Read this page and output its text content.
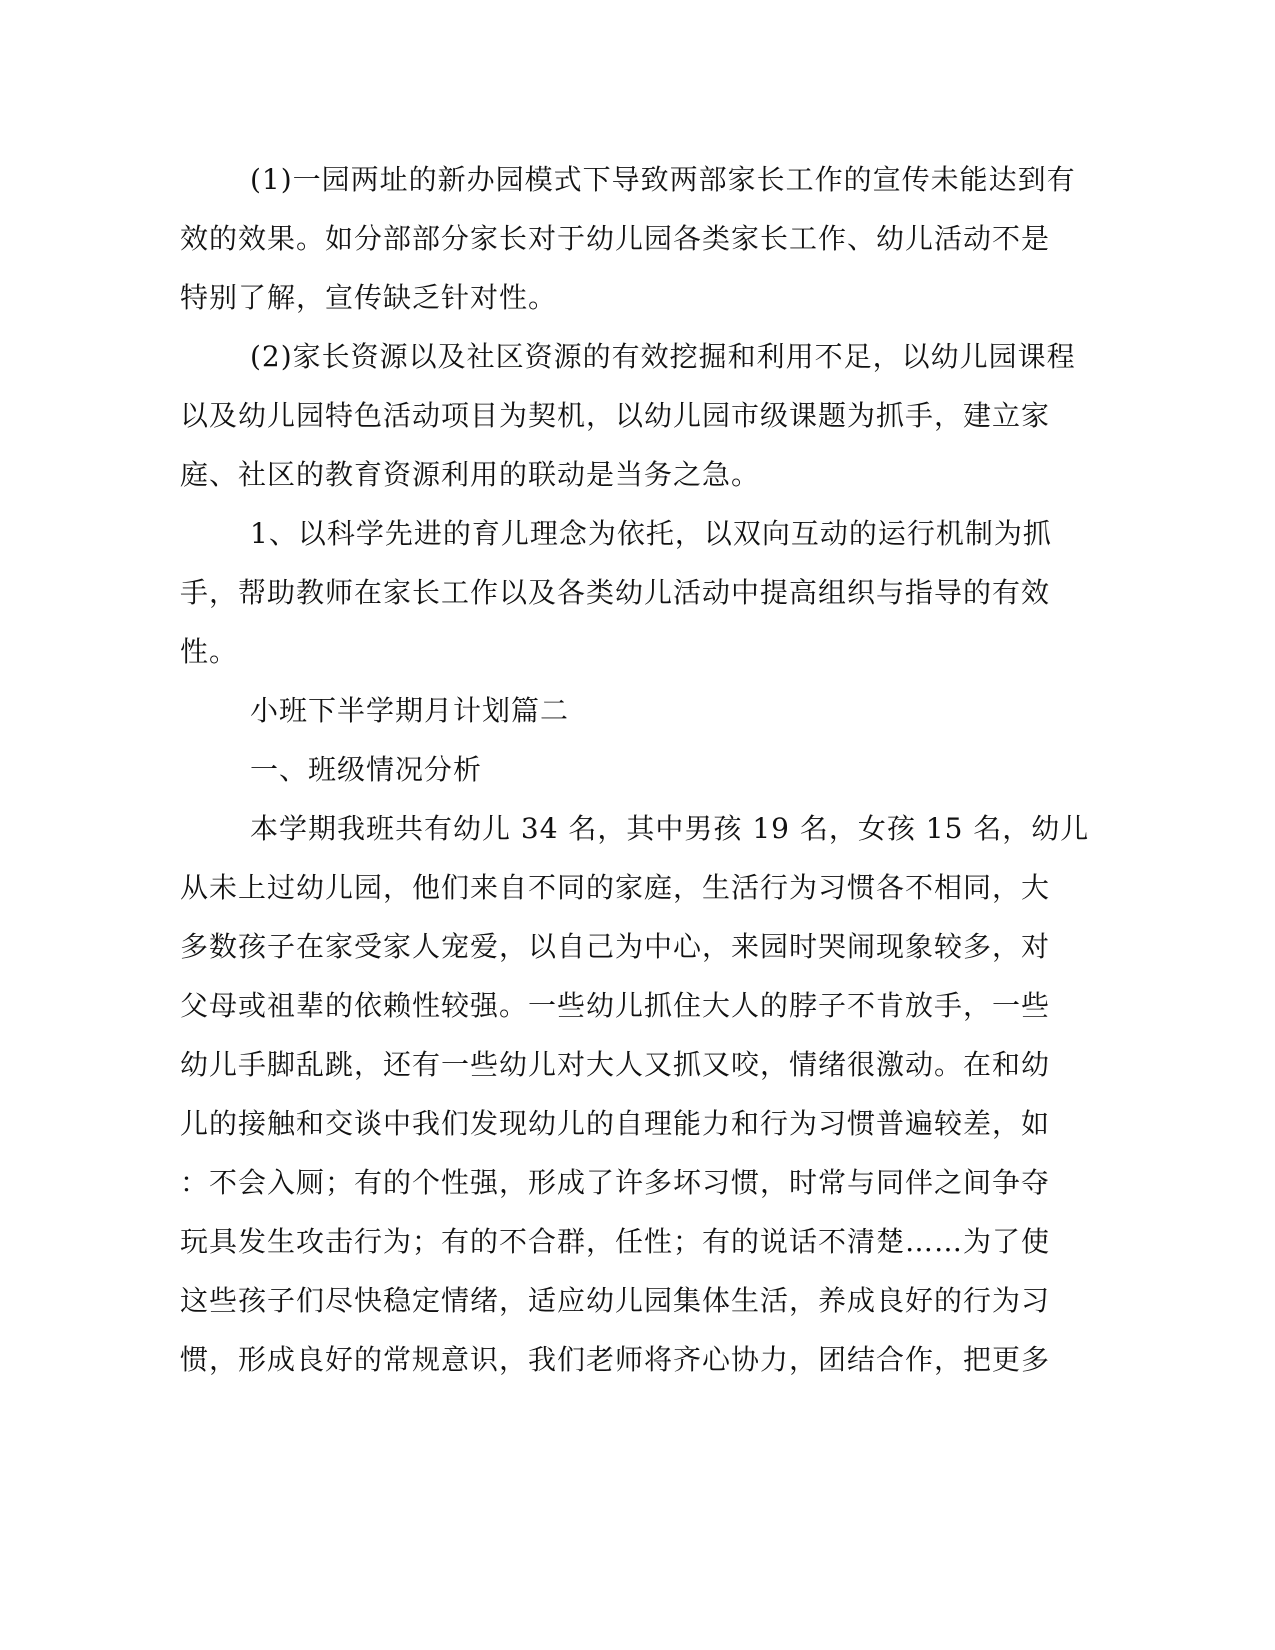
(1)一园两址的新办园模式下导致两部家长工作的宣传未能达到有
效的效果。如分部部分家长对于幼儿园各类家长工作、幼儿活动不是
特别了解，宣传缺乏针对性。
(2)家长资源以及社区资源的有效挖掘和利用不足，以幼儿园课程
以及幼儿园特色活动项目为契机，以幼儿园市级课题为抓手，建立家
庭、社区的教育资源利用的联动是当务之急。
1、以科学先进的育儿理念为依托，以双向互动的运行机制为抓
手，帮助教师在家长工作以及各类幼儿活动中提高组织与指导的有效
性。
小班下半学期月计划篇二
一、班级情况分析
本学期我班共有幼儿 34 名，其中男孩 19 名，女孩 15 名，幼儿
从未上过幼儿园，他们来自不同的家庭，生活行为习惯各不相同，大
多数孩子在家受家人宠爱，以自己为中心，来园时哭闹现象较多，对
父母或祖辈的依赖性较强。一些幼儿抓住大人的脖子不肯放手，一些
幼儿手脚乱跳，还有一些幼儿对大人又抓又咬，情绪很激动。在和幼
儿的接触和交谈中我们发现幼儿的自理能力和行为习惯普遍较差，如
：不会入厕；有的个性强，形成了许多坏习惯，时常与同伴之间争夺
玩具发生攻击行为；有的不合群，任性；有的说话不清楚……为了使
这些孩子们尽快稳定情绪，适应幼儿园集体生活，养成良好的行为习
惯，形成良好的常规意识，我们老师将齐心协力，团结合作，把更多
